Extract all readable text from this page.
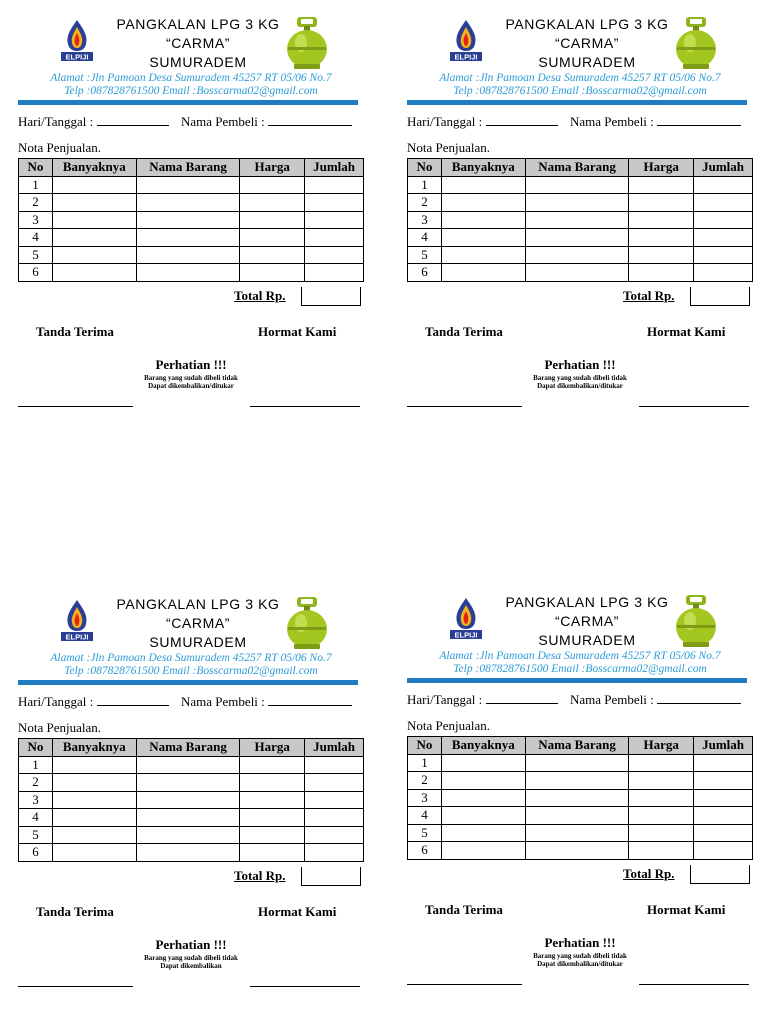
ELPIJI
PANGKALAN LPG 3 KG
“CARMA”
SUMURADEM
Alamat :Jln Pamoan Desa Sumuradem 45257 RT 05/06 No.7
Telp :087828761500 Email :Bosscarma02@gmail.com
Hari/Tanggal :	Nama Pembeli :
Nota Penjualan.
No	Banyaknya	Nama Barang	Harga	Jumlah
1				
2				
3				
4				
5				
6				
Total Rp.
Tanda Terima	Hormat Kami
Perhatian !!!
Barang yang sudah dibeli tidak
Dapat dikembalikan/ditukar
ELPIJI
PANGKALAN LPG 3 KG
“CARMA”
SUMURADEM
Alamat :Jln Pamoan Desa Sumuradem 45257 RT 05/06 No.7
Telp :087828761500 Email :Bosscarma02@gmail.com
Hari/Tanggal :	Nama Pembeli :
Nota Penjualan.
No	Banyaknya	Nama Barang	Harga	Jumlah
1				
2				
3				
4				
5				
6				
Total Rp.
Tanda Terima	Hormat Kami
Perhatian !!!
Barang yang sudah dibeli tidak
Dapat dikembalikan/ditukar
ELPIJI
PANGKALAN LPG 3 KG
“CARMA”
SUMURADEM
Alamat :Jln Pamoan Desa Sumuradem 45257 RT 05/06 No.7
Telp :087828761500 Email :Bosscarma02@gmail.com
Hari/Tanggal :	Nama Pembeli :
Nota Penjualan.
No	Banyaknya	Nama Barang	Harga	Jumlah
1				
2				
3				
4				
5				
6				
Total Rp.
Tanda Terima	Hormat Kami
Perhatian !!!
Barang yang sudah dibeli tidak
Dapat dikembalikan
ELPIJI
PANGKALAN LPG 3 KG
“CARMA”
SUMURADEM
Alamat :Jln Pamoan Desa Sumuradem 45257 RT 05/06 No.7
Telp :087828761500 Email :Bosscarma02@gmail.com
Hari/Tanggal :	Nama Pembeli :
Nota Penjualan.
No	Banyaknya	Nama Barang	Harga	Jumlah
1				
2				
3				
4				
5				
6				
Total Rp.
Tanda Terima	Hormat Kami
Perhatian !!!
Barang yang sudah dibeli tidak
Dapat dikembalikan/ditukar
